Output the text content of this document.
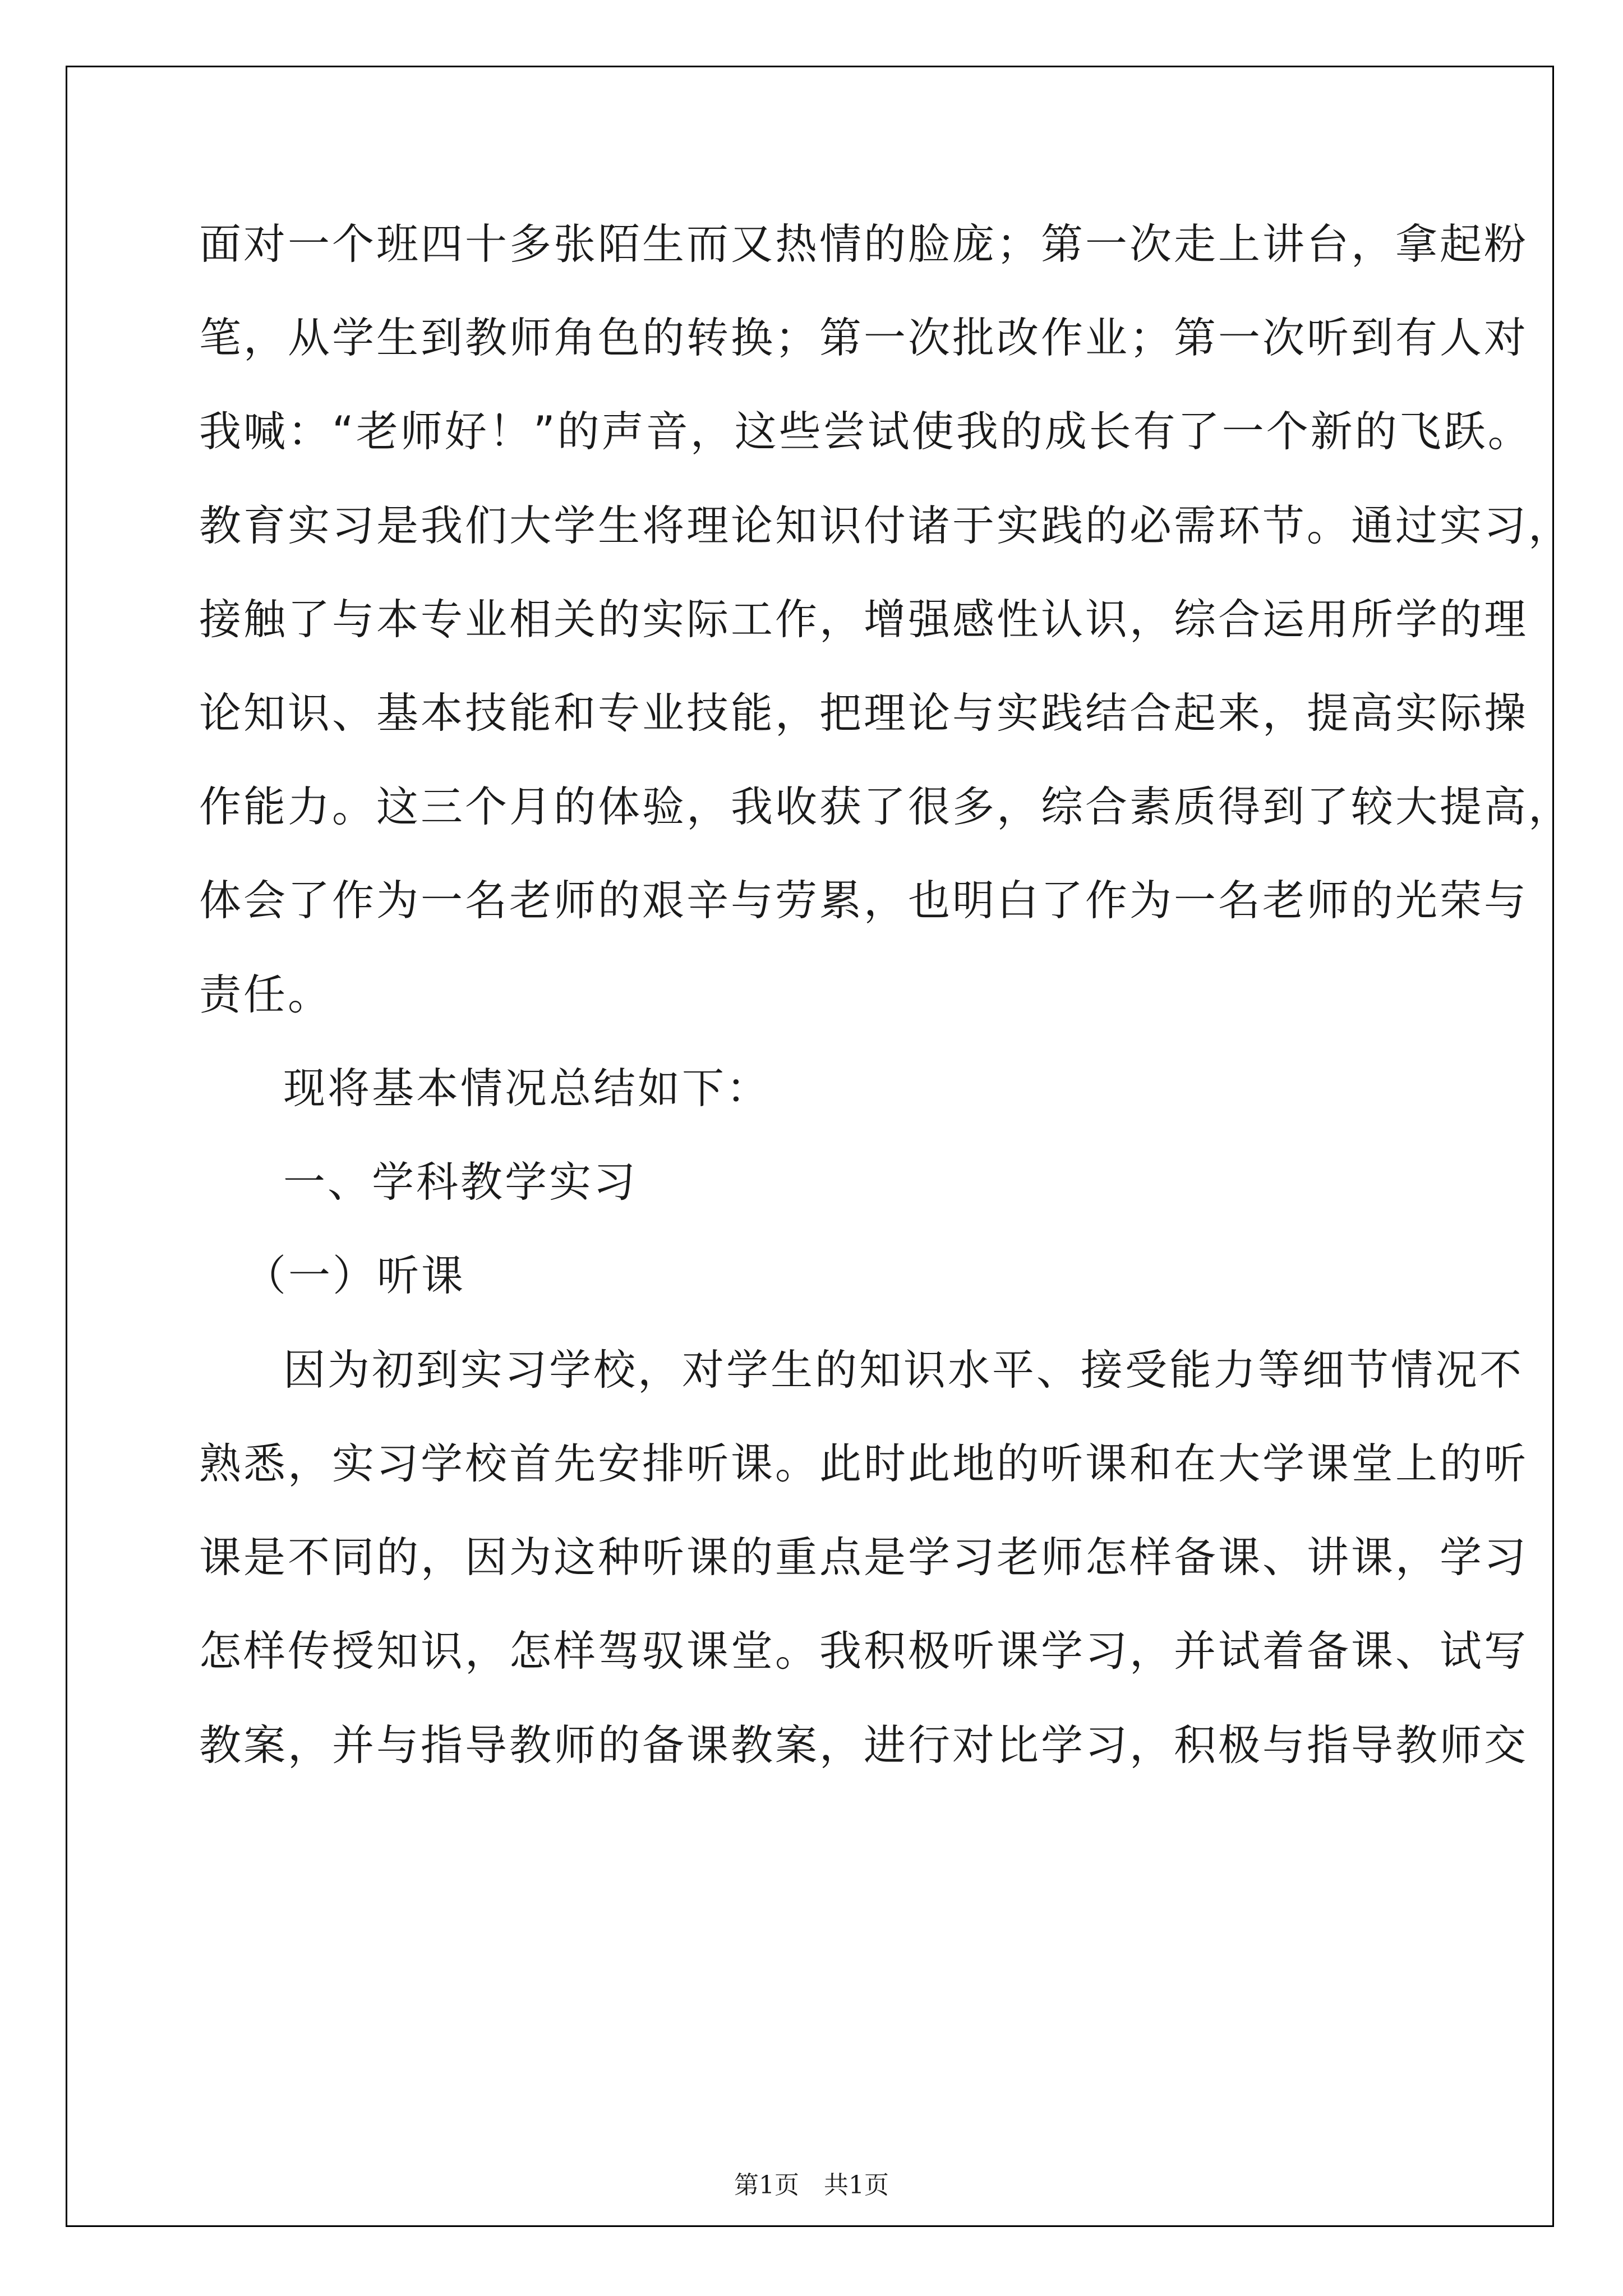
面对一个班四十多张陌生而又热情的脸庞；第一次走上讲台，拿起粉
笔，从学生到教师角色的转换；第一次批改作业；第一次听到有人对
我喊：“老师好！”的声音，这些尝试使我的成长有了一个新的飞跃。
教育实习是我们大学生将理论知识付诸于实践的必需环节。通过实习，
接触了与本专业相关的实际工作，增强感性认识，综合运用所学的理
论知识、基本技能和专业技能，把理论与实践结合起来，提高实际操
作能力。这三个月的体验，我收获了很多，综合素质得到了较大提高，
体会了作为一名老师的艰辛与劳累，也明白了作为一名老师的光荣与
责任。
现将基本情况总结如下：
一、学科教学实习
（一）听课
因为初到实习学校，对学生的知识水平、接受能力等细节情况不
熟悉，实习学校首先安排听课。此时此地的听课和在大学课堂上的听
课是不同的，因为这种听课的重点是学习老师怎样备课、讲课，学习
怎样传授知识，怎样驾驭课堂。我积极听课学习，并试着备课、试写
教案，并与指导教师的备课教案，进行对比学习，积极与指导教师交
第1页　共1页
